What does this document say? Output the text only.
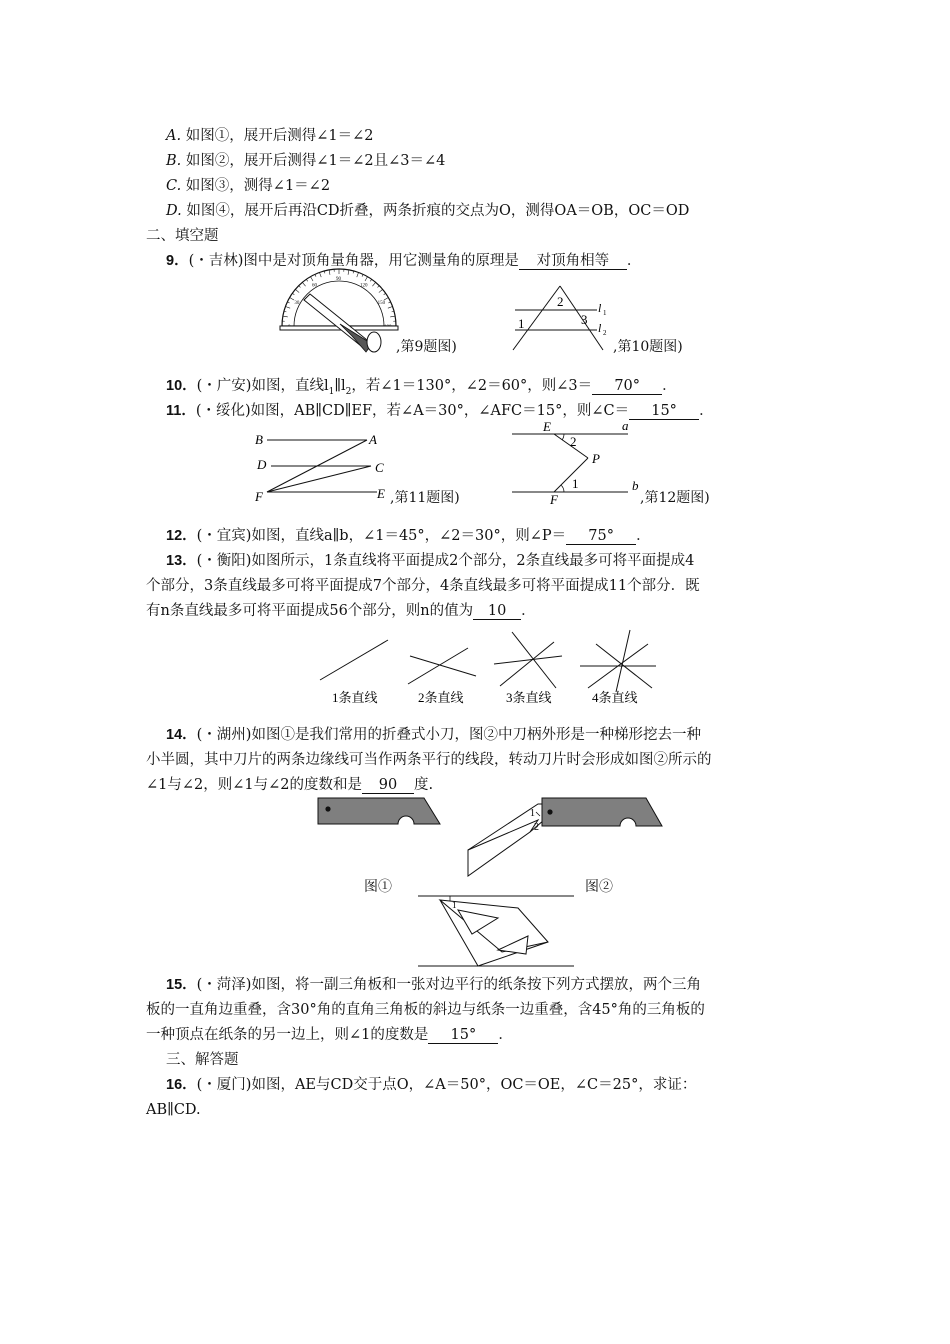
A. 如图①，展开后测得∠1＝∠2
B. 如图②，展开后测得∠1＝∠2且∠3＝∠4
C. 如图③，测得∠1＝∠2
D. 如图④，展开后再沿CD折叠，两条折痕的交点为O，测得OA＝OB，OC＝OD
二、填空题
9．(・吉林)图中是对顶角量角器，用它测量角的原理是 对顶角相等 ．
30
60
90
120
150
,第9题图)
2
1	3
l 1
l 2
,第10题图)
10．(・广安)如图，直线$l_1\parallel l_2$，若∠1＝130°，∠2＝60°，则∠3＝ 70° ．
11．(・绥化)如图，AB∥CD∥EF，若∠A＝30°，∠AFC＝15°，则∠C＝ 15° ．
B	A
D	C
F	E ,第11题图)
E	a
2
P
1
F
b
,第12题图)
12．(・宜宾)如图，直线a∥b，∠1＝45°，∠2＝30°，则∠P＝ 75° ．
13．(・衡阳)如图所示，1条直线将平面提成2个部分，2条直线最多可将平面提成4
个部分，3条直线最多可将平面提成7个部分，4条直线最多可将平面提成11个部分．既
有n条直线最多可将平面提成56个部分，则n的值为 10 ．
1条直线	2条直线	3条直线	4条直线
14．(・湖州)如图①是我们常用的折叠式小刀，图②中刀柄外形是一种梯形挖去一种
小半圆，其中刀片的两条边缘线可当作两条平行的线段，转动刀片时会形成如图②所示的
∠1与∠2，则∠1与∠2的度数和是 90 度.
图①
1
2
图②
1
15．(・菏泽)如图，将一副三角板和一张对边平行的纸条按下列方式摆放，两个三角
板的一直角边重叠，含30°角的直角三角板的斜边与纸条一边重叠，含45°角的三角板的
一种顶点在纸条的另一边上，则∠1的度数是 15° ．
三、解答题
16．(・厦门)如图，AE与CD交于点O，∠A＝50°，OC＝OE，∠C＝25°，求证：
AB∥CD.
